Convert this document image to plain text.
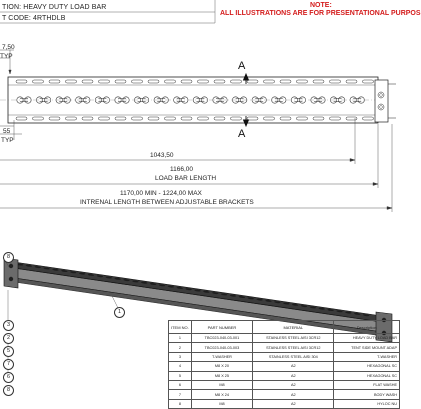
TION: HEAVY DUTY LOAD BAR
T CODE: 4RTHDLB
NOTE:
ALL ILLUSTRATIONS ARE FOR PRESENTATIONAL PURPOS
7,50
TYP
55
TYP
1043,50
1166,00
LOAD BAR LENGTH
1170,00 MIN - 1224,00 MAX
INTRENAL LENGTH BETWEEN ADJUSTABLE BRACKETS
A
A
8
1
3
2
5
7
6
8
ITEM NO.	PART NUMBER	MATERIAL	Description
1	TBC023-040-03-001	STAINLESS STEEL AISI 3CR12	HEAVY DUTY LOAD BAR
2	TBC023-040-03-003	STAINLESS STEEL AISI 3CR12	TENT SIDE MOUNT ADAP
3	T-WASHER	STAINLESS STEEL AISI 304	T-WASHER
4	M8 X 20	A2	HEXAGONAL SC
5	M8 X 25	A2	HEXAGONAL SC
6	M8	A2	FLAT WASHE
7	M8 X 24	A2	BODY WASH
8	M8	A2	HYLOC NU
